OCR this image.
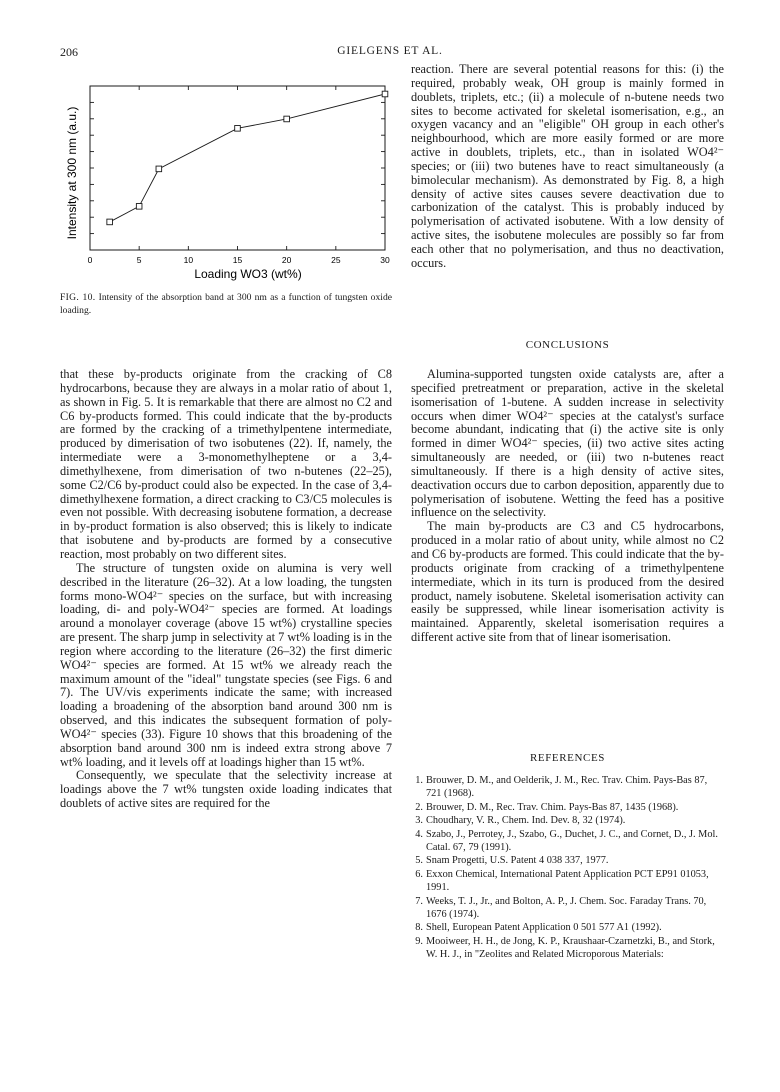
206	GIELGENS ET AL.
0	5	10	15	20	25	30
Intensity at 300 nm (a.u.)
Loading WO3 (wt%)
FIG. 10. Intensity of the absorption band at 300 nm as a function of tungsten oxide loading.

reaction. There are several potential reasons for this: (i) the required, probably weak, OH group is mainly formed in doublets, triplets, etc.; (ii) a molecule of n-butene needs two sites to become activated for skeletal isomerisation, e.g., an oxygen vacancy and an "eligible" OH group in each other's neighbourhood, which are more easily formed or are more active in doublets, triplets, etc., than in isolated WO4²⁻ species; or (iii) two butenes have to react simultaneously (a bimolecular mechanism). As demonstrated by Fig. 8, a high density of active sites causes severe deactivation due to carbonization of the catalyst. This is probably induced by polymerisation of activated isobutene. With a low density of active sites, the isobutene molecules are possibly so far from each other that no polymerisation, and thus no deactivation, occurs.

CONCLUSIONS

that these by-products originate from the cracking of C8 hydrocarbons, because they are always in a molar ratio of about 1, as shown in Fig. 5. It is remarkable that there are almost no C2 and C6 by-products formed. This could indicate that the by-products are formed by the cracking of a trimethylpentene intermediate, produced by dimerisation of two isobutenes (22). If, namely, the intermediate were a 3-monomethylheptene or a 3,4-dimethylhexene, from dimerisation of two n-butenes (22–25), some C2/C6 by-product could also be expected. In the case of 3,4-dimethylhexene formation, a direct cracking to C3/C5 molecules is even not possible. With decreasing isobutene formation, a decrease in by-product formation is also observed; this is likely to indicate that isobutene and by-products are formed by a consecutive reaction, most probably on two different sites.

The structure of tungsten oxide on alumina is very well described in the literature (26–32). At a low loading, the tungsten forms mono-WO4²⁻ species on the surface, but with increasing loading, di- and poly-WO4²⁻ species are formed. At loadings around a monolayer coverage (above 15 wt%) crystalline species are present. The sharp jump in selectivity at 7 wt% loading is in the region where according to the literature (26–32) the first dimeric WO4²⁻ species are formed. At 15 wt% we already reach the maximum amount of the "ideal" tungstate species (see Figs. 6 and 7). The UV/vis experiments indicate the same; with increased loading a broadening of the absorption band around 300 nm is observed, and this indicates the subsequent formation of poly-WO4²⁻ species (33). Figure 10 shows that this broadening of the absorption band around 300 nm is indeed extra strong above 7 wt% loading, and it levels off at loadings higher than 15 wt%.

Consequently, we speculate that the selectivity increase at loadings above the 7 wt% tungsten oxide loading indicates that doublets of active sites are required for the

Alumina-supported tungsten oxide catalysts are, after a specified pretreatment or preparation, active in the skeletal isomerisation of 1-butene. A sudden increase in selectivity occurs when dimer WO4²⁻ species at the catalyst's surface become abundant, indicating that (i) the active site is only formed in dimer WO4²⁻ species, (ii) two active sites acting simultaneously are needed, or (iii) two n-butenes react simultaneously. If there is a high density of active sites, deactivation occurs due to carbon deposition, apparently due to polymerisation of isobutene. Wetting the feed has a positive influence on the selectivity.

The main by-products are C3 and C5 hydrocarbons, produced in a molar ratio of about unity, while almost no C2 and C6 by-products are formed. This could indicate that the by-products originate from cracking of a trimethylpentene intermediate, which in its turn is produced from the desired product, namely isobutene. Skeletal isomerisation activity can easily be suppressed, while linear isomerisation activity is maintained. Apparently, skeletal isomerisation requires a different active site from that of linear isomerisation.

REFERENCES
1. Brouwer, D. M., and Oelderik, J. M., Rec. Trav. Chim. Pays-Bas 87, 721 (1968).
2. Brouwer, D. M., Rec. Trav. Chim. Pays-Bas 87, 1435 (1968).
3. Choudhary, V. R., Chem. Ind. Dev. 8, 32 (1974).
4. Szabo, J., Perrotey, J., Szabo, G., Duchet, J. C., and Cornet, D., J. Mol. Catal. 67, 79 (1991).
5. Snam Progetti, U.S. Patent 4 038 337, 1977.
6. Exxon Chemical, International Patent Application PCT EP91 01053, 1991.
7. Weeks, T. J., Jr., and Bolton, A. P., J. Chem. Soc. Faraday Trans. 70, 1676 (1974).
8. Shell, European Patent Application 0 501 577 A1 (1992).
9. Mooiweer, H. H., de Jong, K. P., Kraushaar-Czarnetzki, B., and Stork, W. H. J., in "Zeolites and Related Microporous Materials:
